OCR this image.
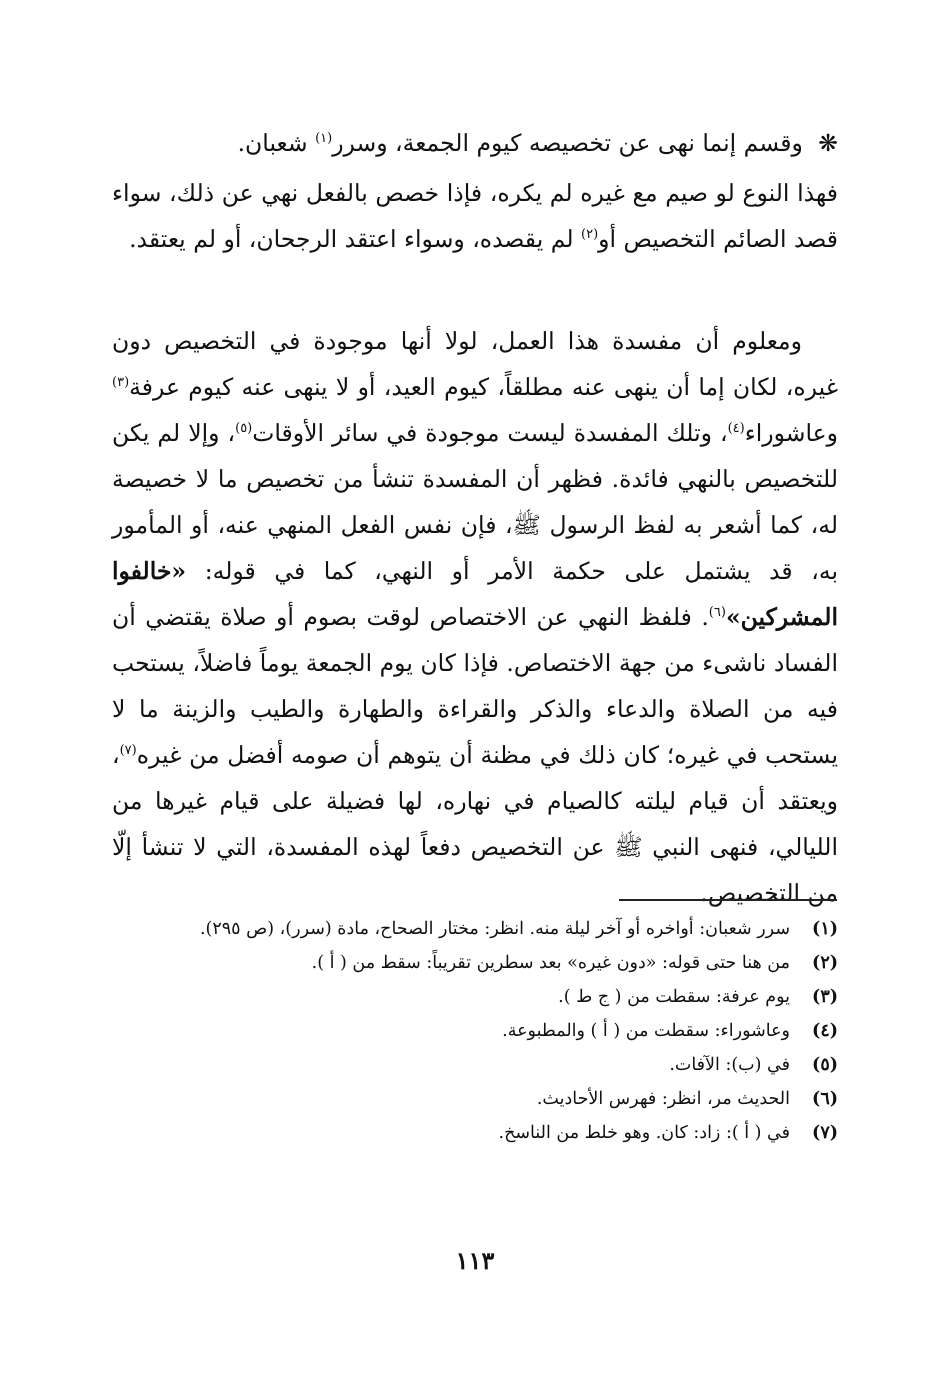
❋ وقسم إنما نهى عن تخصيصه كيوم الجمعة، وسرر$^{(١)}$ شعبان.

فهذا النوع لو صيم مع غيره لم يكره، فإذا خصص بالفعل نهي عن ذلك، سواء قصد الصائم التخصيص أو$^{(٢)}$ لم يقصده، وسواء اعتقد الرجحان، أو لم يعتقد.

ومعلوم أن مفسدة هذا العمل، لولا أنها موجودة في التخصيص دون غيره، لكان إما أن ينهى عنه مطلقاً، كيوم العيد، أو لا ينهى عنه كيوم عرفة$^{(٣)}$ وعاشوراء$^{(٤)}$، وتلك المفسدة ليست موجودة في سائر الأوقات$^{(٥)}$، وإلا لم يكن للتخصيص بالنهي فائدة. فظهر أن المفسدة تنشأ من تخصيص ما لا خصيصة له، كما أشعر به لفظ الرسول ﷺ، فإن نفس الفعل المنهي عنه، أو المأمور به، قد يشتمل على حكمة الأمر أو النهي، كما في قوله: «خالفوا المشركين»$^{(٦)}$. فلفظ النهي عن الاختصاص لوقت بصوم أو صلاة يقتضي أن الفساد ناشىء من جهة الاختصاص. فإذا كان يوم الجمعة يوماً فاضلاً، يستحب فيه من الصلاة والدعاء والذكر والقراءة والطهارة والطيب والزينة ما لا يستحب في غيره؛ كان ذلك في مظنة أن يتوهم أن صومه أفضل من غيره$^{(٧)}$، ويعتقد أن قيام ليلته كالصيام في نهاره، لها فضيلة على قيام غيرها من الليالي، فنهى النبي ﷺ عن التخصيص دفعاً لهذه المفسدة، التي لا تنشأ إلّا من التخصيص.

(١)
سرر شعبان: أواخره أو آخر ليلة منه. انظر: مختار الصحاح، مادة (سرر)، (ص ٢٩٥).
(٢)
من هنا حتى قوله: «دون غيره» بعد سطرين تقريباً: سقط من ( أ ).
(٣)
يوم عرفة: سقطت من ( ج ط ).
(٤)
وعاشوراء: سقطت من ( أ ) والمطبوعة.
(٥)
في (ب): الآفات.
(٦)
الحديث مر، انظر: فهرس الأحاديث.
(٧)
في ( أ ): زاد: كان. وهو خلط من الناسخ.
١١٣
